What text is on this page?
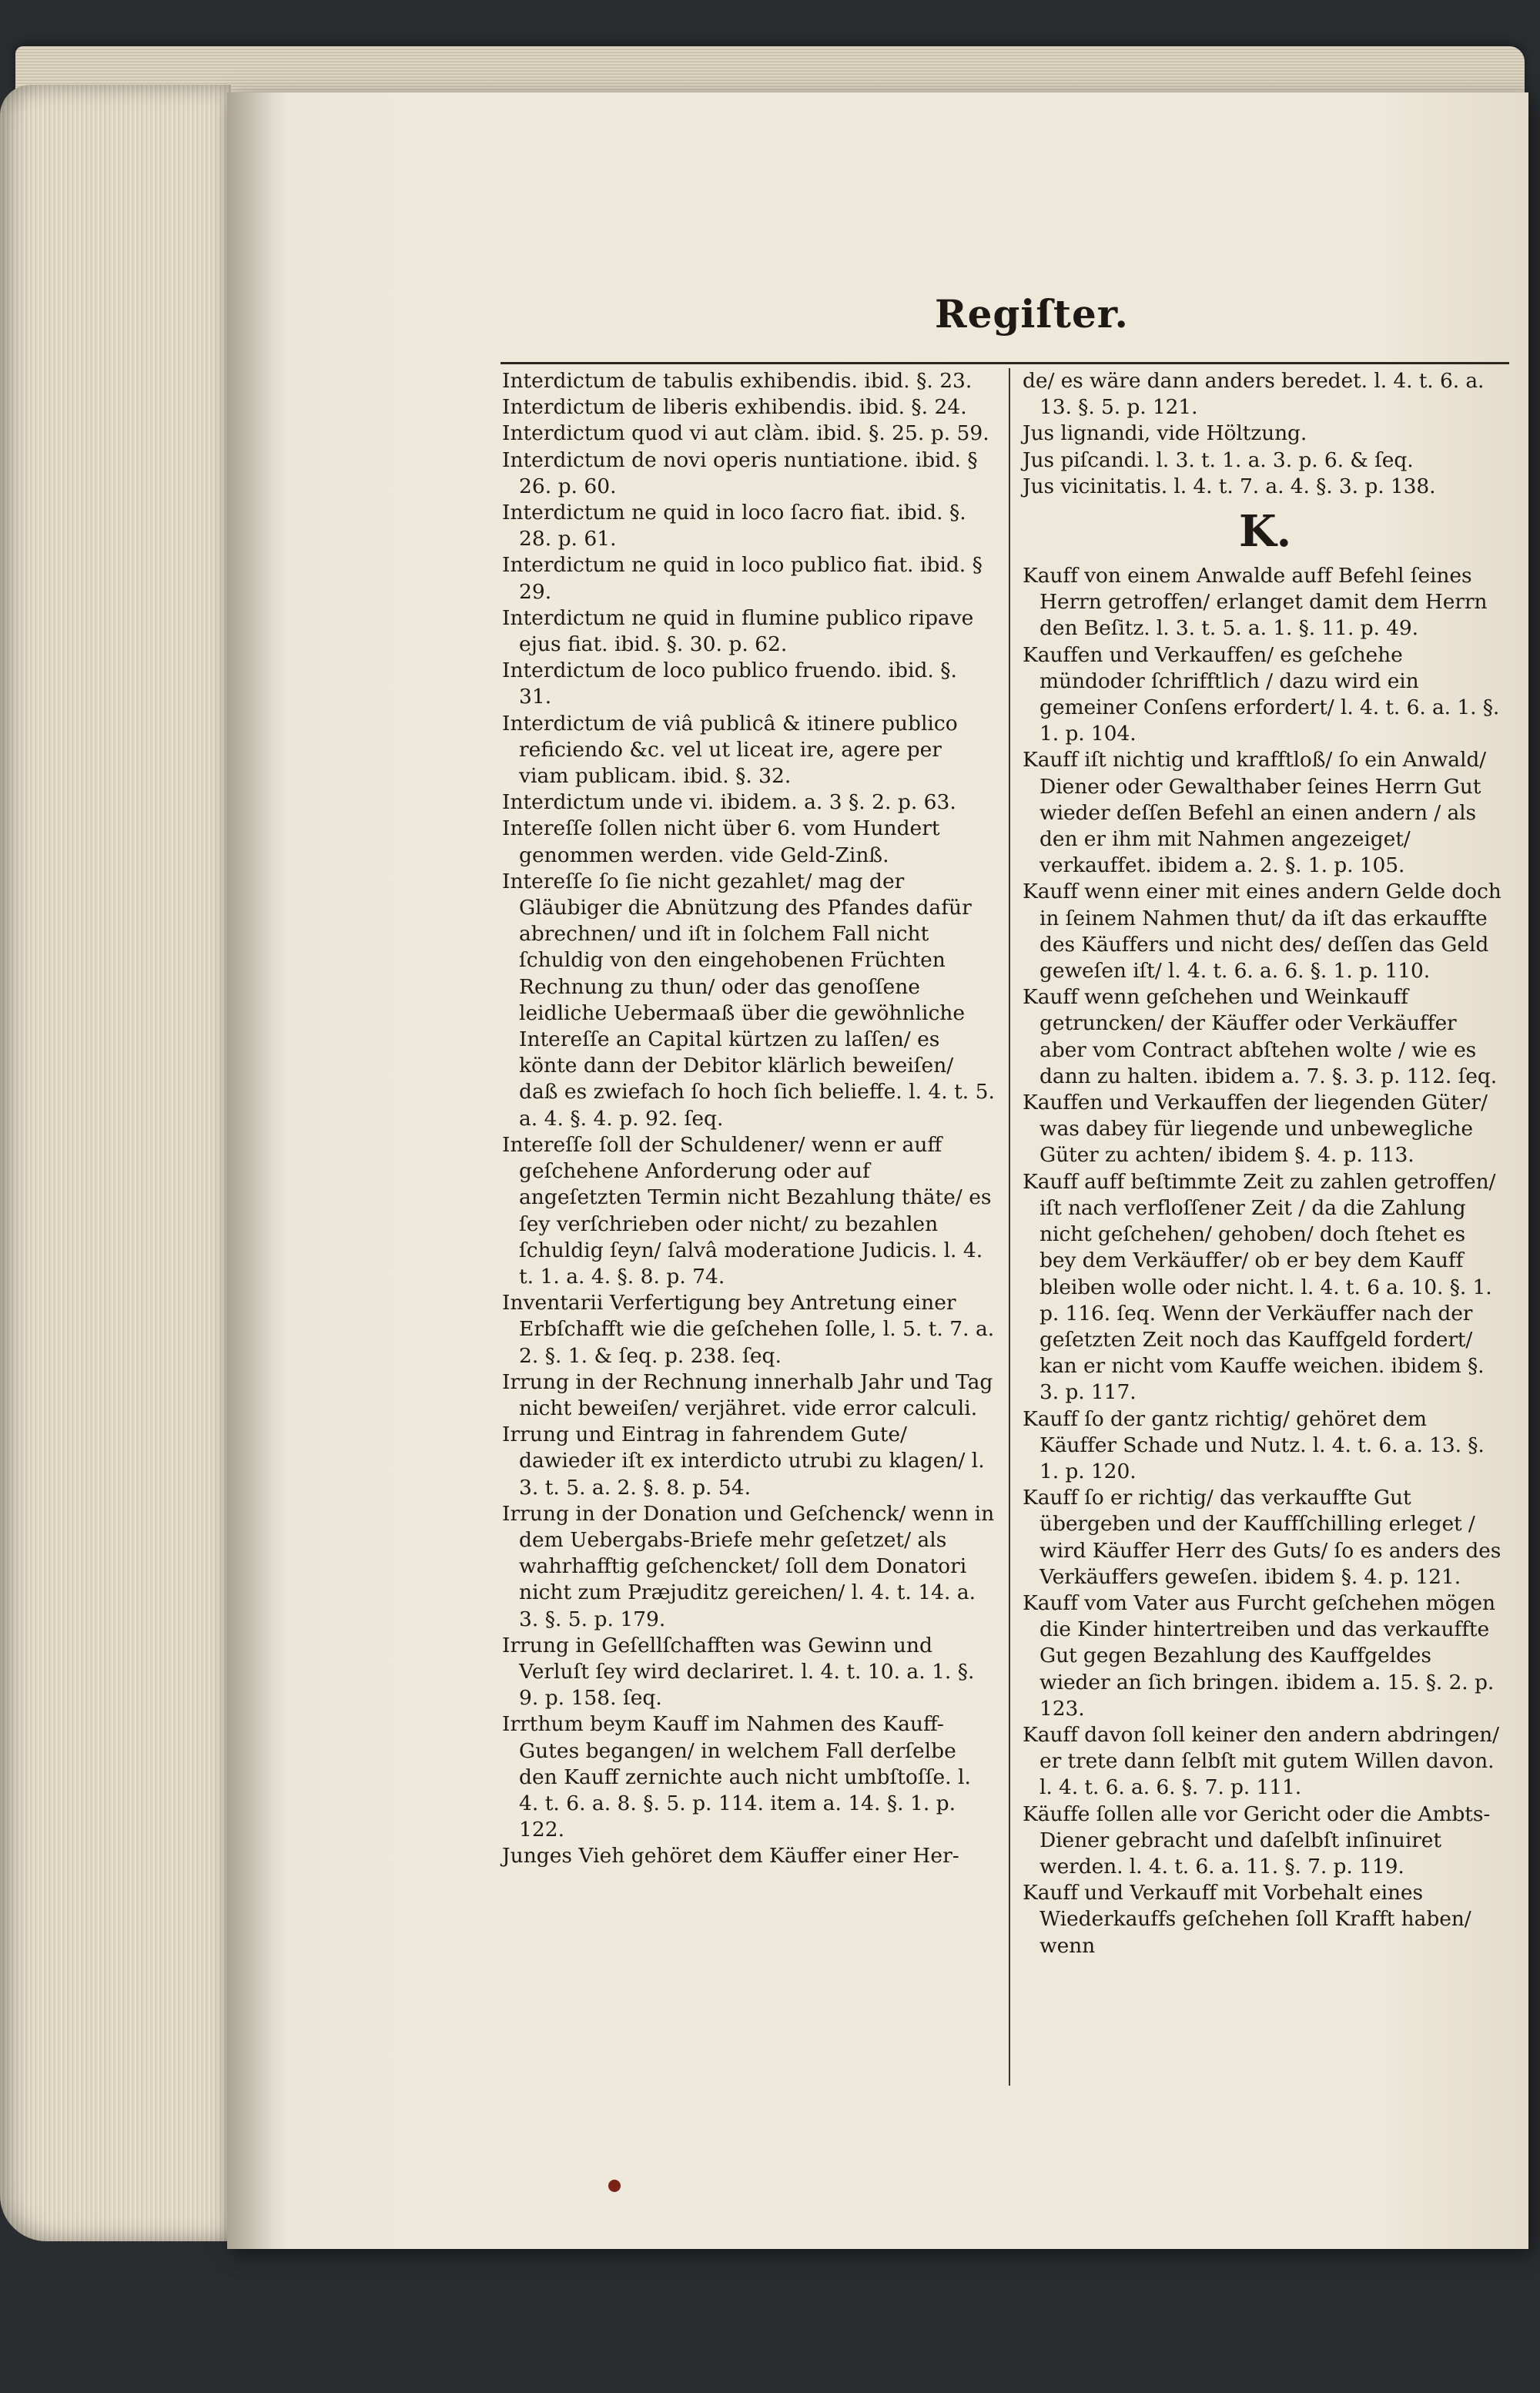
Regiſter.

Interdictum de tabulis exhibendis. ibid. §. 23.

Interdictum de liberis exhibendis. ibid. §. 24.

Interdictum quod vi aut clàm. ibid. §. 25. p. 59.

Interdictum de novi operis nuntiatione. ibid. § 26. p. 60.

Interdictum ne quid in loco ſacro fiat. ibid. §. 28. p. 61.

Interdictum ne quid in loco publico fiat. ibid. § 29.

Interdictum ne quid in flumine publico ripave ejus fiat. ibid. §. 30. p. 62.

Interdictum de loco publico fruendo. ibid. §. 31.

Interdictum de viâ publicâ & itinere publico reficiendo &c. vel ut liceat ire, agere per viam publicam. ibid. §. 32.

Interdictum unde vi. ibidem. a. 3 §. 2. p. 63.

Intereſſe ſollen nicht über 6. vom Hundert genommen werden. vide Geld-Zinß.

Intereſſe ſo ſie nicht gezahlet/ mag der Gläubiger die Abnützung des Pfandes dafür abrechnen/ und iſt in ſolchem Fall nicht ſchuldig von den eingehobenen Früchten Rechnung zu thun/ oder das genoſſene leidliche Uebermaaß über die gewöhnliche Intereſſe an Capital kürtzen zu laſſen/ es könte dann der Debitor klärlich beweiſen/ daß es zwiefach ſo hoch ſich belieffe. l. 4. t. 5. a. 4. §. 4. p. 92. ſeq.

Intereſſe ſoll der Schuldener/ wenn er auff geſchehene Anforderung oder auf angeſetzten Termin nicht Bezahlung thäte/ es ſey verſchrieben oder nicht/ zu bezahlen ſchuldig ſeyn/ ſalvâ moderatione Judicis. l. 4. t. 1. a. 4. §. 8. p. 74.

Inventarii Verfertigung bey Antretung einer Erbſchafft wie die geſchehen ſolle, l. 5. t. 7. a. 2. §. 1. & ſeq. p. 238. ſeq.

Irrung in der Rechnung innerhalb Jahr und Tag nicht beweiſen/ verjähret. vide error calculi.

Irrung und Eintrag in fahrendem Gute/ dawieder iſt ex interdicto utrubi zu klagen/ l. 3. t. 5. a. 2. §. 8. p. 54.

Irrung in der Donation und Geſchenck/ wenn in dem Uebergabs-Briefe mehr geſetzet/ als wahrhafftig geſchencket/ ſoll dem Donatori nicht zum Præjuditz gereichen/ l. 4. t. 14. a. 3. §. 5. p. 179.

Irrung in Geſellſchafften was Gewinn und Verluſt ſey wird declariret. l. 4. t. 10. a. 1. §. 9. p. 158. ſeq.

Irrthum beym Kauff im Nahmen des Kauff-Gutes begangen/ in welchem Fall derſelbe den Kauff zernichte auch nicht umbſtoſſe. l. 4. t. 6. a. 8. §. 5. p. 114. item a. 14. §. 1. p. 122.

Junges Vieh gehöret dem Käuffer einer Her-

de/ es wäre dann anders beredet. l. 4. t. 6. a. 13. §. 5. p. 121.

Jus lignandi, vide Höltzung.

Jus piſcandi. l. 3. t. 1. a. 3. p. 6. & ſeq.

Jus vicinitatis. l. 4. t. 7. a. 4. §. 3. p. 138.

K.

Kauff von einem Anwalde auff Befehl ſeines Herrn getroffen/ erlanget damit dem Herrn den Beſitz. l. 3. t. 5. a. 1. §. 11. p. 49.

Kauffen und Verkauffen/ es geſchehe mündoder ſchrifftlich / dazu wird ein gemeiner Conſens erfordert/ l. 4. t. 6. a. 1. §. 1. p. 104.

Kauff iſt nichtig und krafftloß/ ſo ein Anwald/ Diener oder Gewalthaber ſeines Herrn Gut wieder deſſen Befehl an einen andern / als den er ihm mit Nahmen angezeiget/ verkauffet. ibidem a. 2. §. 1. p. 105.

Kauff wenn einer mit eines andern Gelde doch in ſeinem Nahmen thut/ da iſt das erkauffte des Käuffers und nicht des/ deſſen das Geld geweſen iſt/ l. 4. t. 6. a. 6. §. 1. p. 110.

Kauff wenn geſchehen und Weinkauff getruncken/ der Käuffer oder Verkäuffer aber vom Contract abſtehen wolte / wie es dann zu halten. ibidem a. 7. §. 3. p. 112. ſeq.

Kauffen und Verkauffen der liegenden Güter/ was dabey für liegende und unbewegliche Güter zu achten/ ibidem §. 4. p. 113.

Kauff auff beſtimmte Zeit zu zahlen getroffen/ iſt nach verfloſſener Zeit / da die Zahlung nicht geſchehen/ gehoben/ doch ſtehet es bey dem Verkäuffer/ ob er bey dem Kauff bleiben wolle oder nicht. l. 4. t. 6 a. 10. §. 1. p. 116. ſeq. Wenn der Verkäuffer nach der geſetzten Zeit noch das Kauffgeld fordert/ kan er nicht vom Kauffe weichen. ibidem §. 3. p. 117.

Kauff ſo der gantz richtig/ gehöret dem Käuffer Schade und Nutz. l. 4. t. 6. a. 13. §. 1. p. 120.

Kauff ſo er richtig/ das verkauffte Gut übergeben und der Kauffſchilling erleget / wird Käuffer Herr des Guts/ ſo es anders des Verkäuffers geweſen. ibidem §. 4. p. 121.

Kauff vom Vater aus Furcht geſchehen mögen die Kinder hintertreiben und das verkauffte Gut gegen Bezahlung des Kauffgeldes wieder an ſich bringen. ibidem a. 15. §. 2. p. 123.

Kauff davon ſoll keiner den andern abdringen/ er trete dann ſelbſt mit gutem Willen davon. l. 4. t. 6. a. 6. §. 7. p. 111.

Käuffe ſollen alle vor Gericht oder die Ambts-Diener gebracht und daſelbſt inſinuiret werden. l. 4. t. 6. a. 11. §. 7. p. 119.

Kauff und Verkauff mit Vorbehalt eines Wiederkauffs geſchehen ſoll Krafft haben/ wenn
